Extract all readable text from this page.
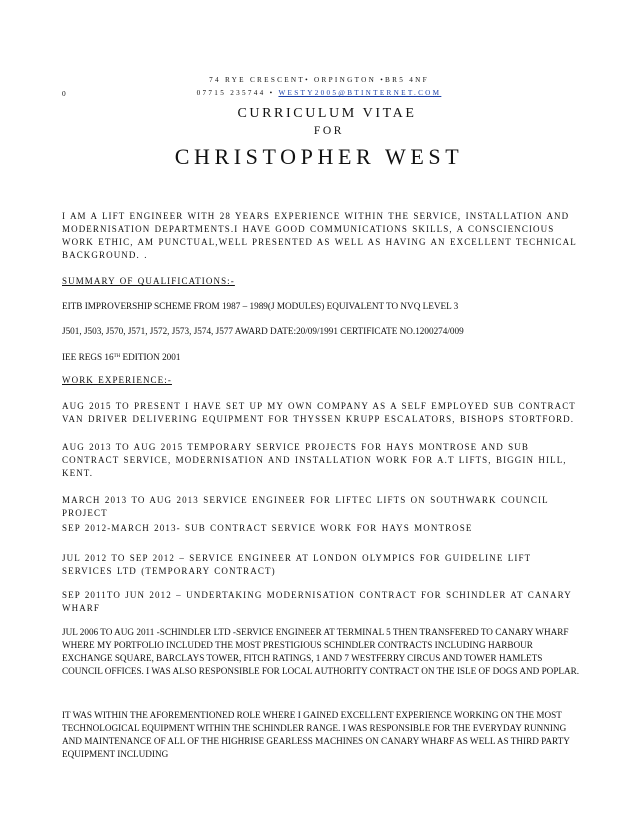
74 RYE CRESCENT• ORPINGTON •BR5 4NF
0	07715 235744 • WESTY2005@BTINTERNET.COM
CURRICULUM VITAE
FOR
CHRISTOPHER WEST

I AM A LIFT ENGINEER WITH 28 YEARS EXPERIENCE WITHIN THE SERVICE, INSTALLATION AND MODERNISATION DEPARTMENTS.I HAVE GOOD COMMUNICATIONS SKILLS, A CONSCIENCIOUS WORK ETHIC, AM PUNCTUAL,WELL PRESENTED AS WELL AS HAVING AN EXCELLENT TECHNICAL BACKGROUND. .

SUMMARY OF QUALIFICATIONS:-

EITB IMPROVERSHIP SCHEME FROM 1987 – 1989(J MODULES) EQUIVALENT TO NVQ LEVEL 3

J501, J503, J570, J571, J572, J573, J574, J577 AWARD DATE:20/09/1991 CERTIFICATE NO.1200274/009

IEE REGS 16TH EDITION 2001

WORK EXPERIENCE:-

AUG 2015 TO PRESENT I HAVE SET UP MY OWN COMPANY AS A SELF EMPLOYED SUB CONTRACT VAN DRIVER DELIVERING EQUIPMENT FOR THYSSEN KRUPP ESCALATORS, BISHOPS STORTFORD.

AUG 2013 TO AUG 2015 TEMPORARY SERVICE PROJECTS FOR HAYS MONTROSE AND SUB CONTRACT SERVICE, MODERNISATION AND INSTALLATION WORK FOR A.T LIFTS, BIGGIN HILL, KENT.

MARCH 2013 TO AUG 2013 SERVICE ENGINEER FOR LIFTEC LIFTS ON SOUTHWARK COUNCIL PROJECT

SEP 2012-MARCH 2013- SUB CONTRACT SERVICE WORK FOR HAYS MONTROSE

JUL 2012 TO SEP 2012 – SERVICE ENGINEER AT LONDON OLYMPICS FOR GUIDELINE LIFT SERVICES LTD (TEMPORARY CONTRACT)

SEP 2011TO JUN 2012 – UNDERTAKING MODERNISATION CONTRACT FOR SCHINDLER AT CANARY WHARF

JUL 2006 TO AUG 2011 -SCHINDLER LTD -SERVICE ENGINEER AT TERMINAL 5 THEN TRANSFERED TO CANARY WHARF WHERE MY PORTFOLIO INCLUDED THE MOST PRESTIGIOUS SCHINDLER CONTRACTS INCLUDING HARBOUR EXCHANGE SQUARE, BARCLAYS TOWER, FITCH RATINGS, 1 AND 7 WESTFERRY CIRCUS AND TOWER HAMLETS COUNCIL OFFICES. I WAS ALSO RESPONSIBLE FOR LOCAL AUTHORITY CONTRACT ON THE ISLE OF DOGS AND POPLAR.

IT WAS WITHIN THE AFOREMENTIONED ROLE WHERE I GAINED EXCELLENT EXPERIENCE WORKING ON THE MOST TECHNOLOGICAL EQUIPMENT WITHIN THE SCHINDLER RANGE. I WAS RESPONSIBLE FOR THE EVERYDAY RUNNING AND MAINTENANCE OF ALL OF THE HIGHRISE GEARLESS MACHINES ON CANARY WHARF AS WELL AS THIRD PARTY EQUIPMENT INCLUDING
